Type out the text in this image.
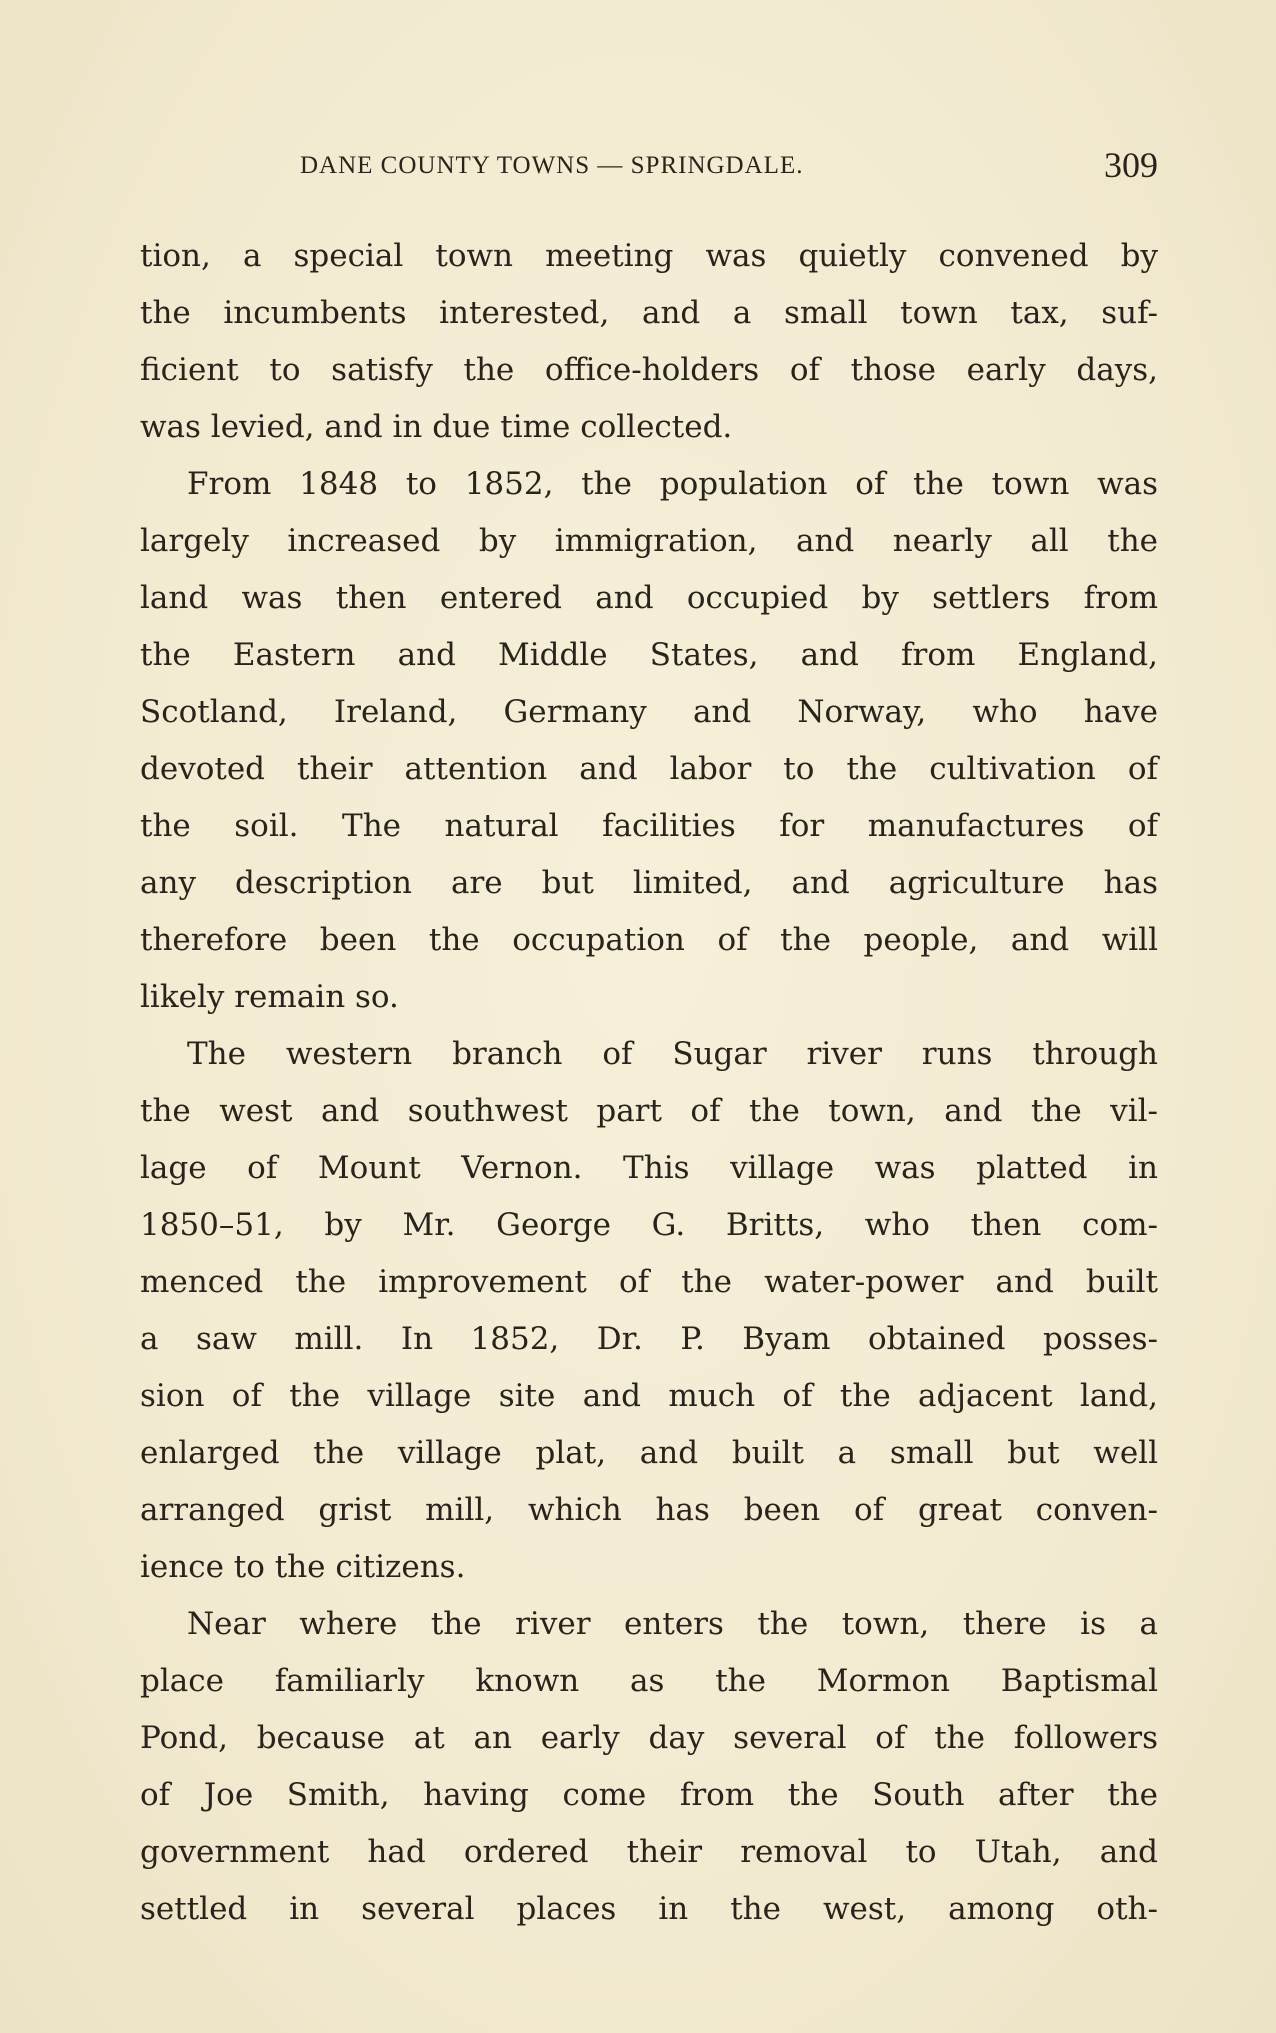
DANE COUNTY TOWNS — SPRINGDALE.	309
tion, a special town meeting was quietly convened by
the incumbents interested, and a small town tax, suf-
ficient to satisfy the office-holders of those early days,
was levied, and in due time collected.
From 1848 to 1852, the population of the town was
largely increased by immigration, and nearly all the
land was then entered and occupied by settlers from
the Eastern and Middle States, and from England,
Scotland, Ireland, Germany and Norway, who have
devoted their attention and labor to the cultivation of
the soil. The natural facilities for manufactures of
any description are but limited, and agriculture has
therefore been the occupation of the people, and will
likely remain so.
The western branch of Sugar river runs through
the west and southwest part of the town, and the vil-
lage of Mount Vernon. This village was platted in
1850–51, by Mr. George G. Britts, who then com-
menced the improvement of the water-power and built
a saw mill. In 1852, Dr. P. Byam obtained posses-
sion of the village site and much of the adjacent land,
enlarged the village plat, and built a small but well
arranged grist mill, which has been of great conven-
ience to the citizens.
Near where the river enters the town, there is a
place familiarly known as the Mormon Baptismal
Pond, because at an early day several of the followers
of Joe Smith, having come from the South after the
government had ordered their removal to Utah, and
settled in several places in the west, among oth-
